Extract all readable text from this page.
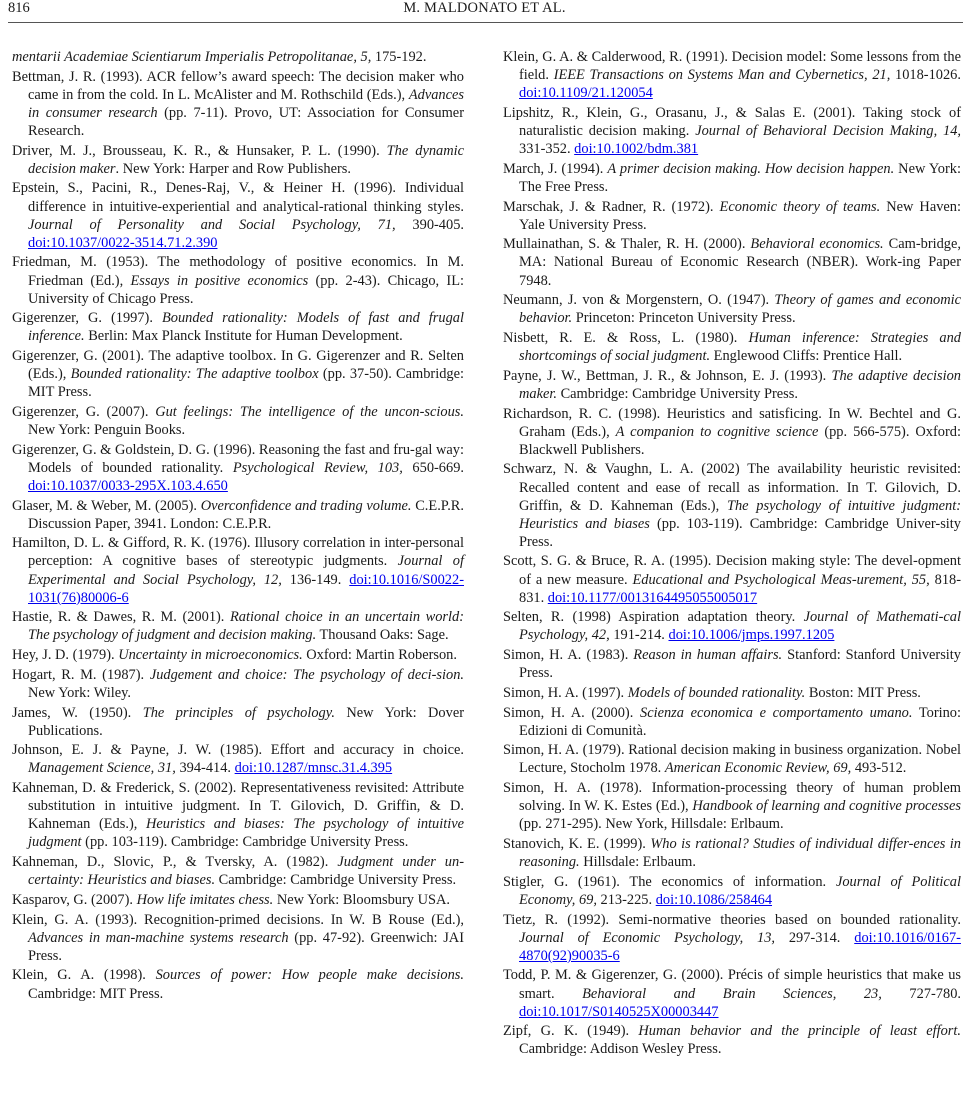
816	M. MALDONATO ET AL.

mentarii Academiae Scientiarum Imperialis Petropolitanae, 5, 175-192.

Bettman, J. R. (1993). ACR fellow’s award speech: The decision maker who came in from the cold. In L. McAlister and M. Rothschild (Eds.), Advances in consumer research (pp. 7-11). Provo, UT: Association for Consumer Research.

Driver, M. J., Brousseau, K. R., & Hunsaker, P. L. (1990). The dynamic decision maker. New York: Harper and Row Publishers.

Epstein, S., Pacini, R., Denes-Raj, V., & Heiner H. (1996). Individual difference in intuitive-experiential and analytical-rational thinking styles. Journal of Personality and Social Psychology, 71, 390-405. doi:10.1037/0022-3514.71.2.390

Friedman, M. (1953). The methodology of positive economics. In M. Friedman (Ed.), Essays in positive economics (pp. 2-43). Chicago, IL: University of Chicago Press.

Gigerenzer, G. (1997). Bounded rationality: Models of fast and frugal inference. Berlin: Max Planck Institute for Human Development.

Gigerenzer, G. (2001). The adaptive toolbox. In G. Gigerenzer and R. Selten (Eds.), Bounded rationality: The adaptive toolbox (pp. 37-50). Cambridge: MIT Press.

Gigerenzer, G. (2007). Gut feelings: The intelligence of the uncon-scious. New York: Penguin Books.

Gigerenzer, G. & Goldstein, D. G. (1996). Reasoning the fast and fru-gal way: Models of bounded rationality. Psychological Review, 103, 650-669. doi:10.1037/0033-295X.103.4.650

Glaser, M. & Weber, M. (2005). Overconfidence and trading volume. C.E.P.R. Discussion Paper, 3941. London: C.E.P.R.

Hamilton, D. L. & Gifford, R. K. (1976). Illusory correlation in inter-personal perception: A cognitive bases of stereotypic judgments. Journal of Experimental and Social Psychology, 12, 136-149. doi:10.1016/S0022-1031(76)80006-6

Hastie, R. & Dawes, R. M. (2001). Rational choice in an uncertain world: The psychology of judgment and decision making. Thousand Oaks: Sage.

Hey, J. D. (1979). Uncertainty in microeconomics. Oxford: Martin Roberson.

Hogart, R. M. (1987). Judgement and choice: The psychology of deci-sion. New York: Wiley.

James, W. (1950). The principles of psychology. New York: Dover Publications.

Johnson, E. J. & Payne, J. W. (1985). Effort and accuracy in choice. Management Science, 31, 394-414. doi:10.1287/mnsc.31.4.395

Kahneman, D. & Frederick, S. (2002). Representativeness revisited: Attribute substitution in intuitive judgment. In T. Gilovich, D. Griffin, & D. Kahneman (Eds.), Heuristics and biases: The psychology of intuitive judgment (pp. 103-119). Cambridge: Cambridge University Press.

Kahneman, D., Slovic, P., & Tversky, A. (1982). Judgment under un-certainty: Heuristics and biases. Cambridge: Cambridge University Press.

Kasparov, G. (2007). How life imitates chess. New York: Bloomsbury USA.

Klein, G. A. (1993). Recognition-primed decisions. In W. B Rouse (Ed.), Advances in man-machine systems research (pp. 47-92). Greenwich: JAI Press.

Klein, G. A. (1998). Sources of power: How people make decisions. Cambridge: MIT Press.

Klein, G. A. & Calderwood, R. (1991). Decision model: Some lessons from the field. IEEE Transactions on Systems Man and Cybernetics, 21, 1018-1026. doi:10.1109/21.120054

Lipshitz, R., Klein, G., Orasanu, J., & Salas E. (2001). Taking stock of naturalistic decision making. Journal of Behavioral Decision Making, 14, 331-352. doi:10.1002/bdm.381

March, J. (1994). A primer decision making. How decision happen. New York: The Free Press.

Marschak, J. & Radner, R. (1972). Economic theory of teams. New Haven: Yale University Press.

Mullainathan, S. & Thaler, R. H. (2000). Behavioral economics. Cam-bridge, MA: National Bureau of Economic Research (NBER). Work-ing Paper 7948.

Neumann, J. von & Morgenstern, O. (1947). Theory of games and economic behavior. Princeton: Princeton University Press.

Nisbett, R. E. & Ross, L. (1980). Human inference: Strategies and shortcomings of social judgment. Englewood Cliffs: Prentice Hall.

Payne, J. W., Bettman, J. R., & Johnson, E. J. (1993). The adaptive decision maker. Cambridge: Cambridge University Press.

Richardson, R. C. (1998). Heuristics and satisficing. In W. Bechtel and G. Graham (Eds.), A companion to cognitive science (pp. 566-575). Oxford: Blackwell Publishers.

Schwarz, N. & Vaughn, L. A. (2002) The availability heuristic revisited: Recalled content and ease of recall as information. In T. Gilovich, D. Griffin, & D. Kahneman (Eds.), The psychology of intuitive judgment: Heuristics and biases (pp. 103-119). Cambridge: Cambridge Univer-sity Press.

Scott, S. G. & Bruce, R. A. (1995). Decision making style: The devel-opment of a new measure. Educational and Psychological Meas-urement, 55, 818-831. doi:10.1177/0013164495055005017

Selten, R. (1998) Aspiration adaptation theory. Journal of Mathemati-cal Psychology, 42, 191-214. doi:10.1006/jmps.1997.1205

Simon, H. A. (1983). Reason in human affairs. Stanford: Stanford University Press.

Simon, H. A. (1997). Models of bounded rationality. Boston: MIT Press.

Simon, H. A. (2000). Scienza economica e comportamento umano. Torino: Edizioni di Comunità.

Simon, H. A. (1979). Rational decision making in business organization. Nobel Lecture, Stocholm 1978. American Economic Review, 69, 493-512.

Simon, H. A. (1978). Information-processing theory of human problem solving. In W. K. Estes (Ed.), Handbook of learning and cognitive processes (pp. 271-295). New York, Hillsdale: Erlbaum.

Stanovich, K. E. (1999). Who is rational? Studies of individual differ-ences in reasoning. Hillsdale: Erlbaum.

Stigler, G. (1961). The economics of information. Journal of Political Economy, 69, 213-225. doi:10.1086/258464

Tietz, R. (1992). Semi-normative theories based on bounded rationality. Journal of Economic Psychology, 13, 297-314. doi:10.1016/0167-4870(92)90035-6

Todd, P. M. & Gigerenzer, G. (2000). Précis of simple heuristics that make us smart. Behavioral and Brain Sciences, 23, 727-780. doi:10.1017/S0140525X00003447

Zipf, G. K. (1949). Human behavior and the principle of least effort. Cambridge: Addison Wesley Press.
